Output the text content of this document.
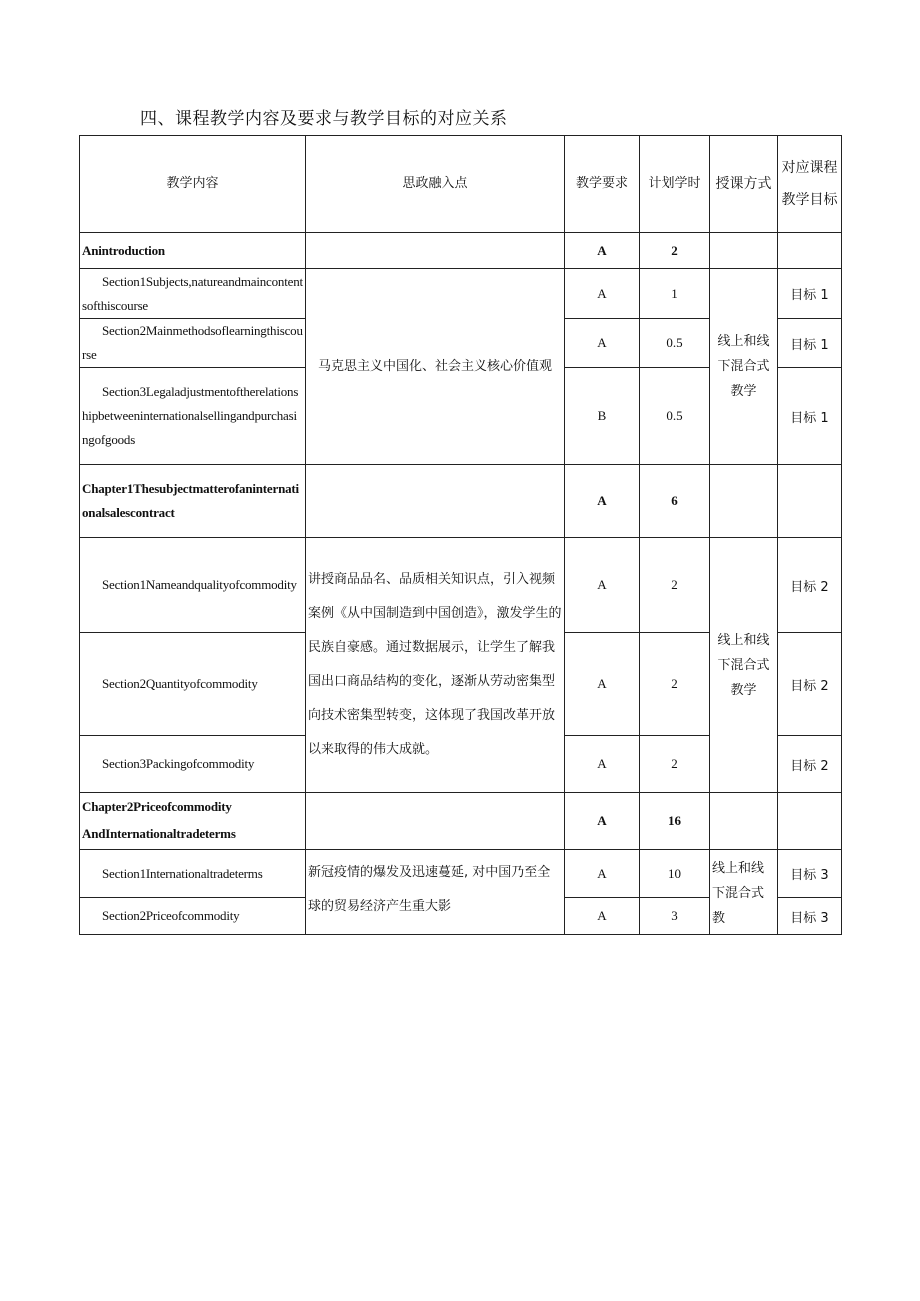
四、课程教学内容及要求与教学目标的对应关系
教学内容	思政融入点	教学要求	计划学时	授课方式	对应课程教学目标
Anintroduction		A	2		
Section1Subjects,natureandmaincontentsofthiscourse	马克思主义中国化、社会主义核心价值观	A	1	线上和线下混合式教学	目标 1
Section2Mainmethodsoflearningthiscourse		A	0.5		目标 1
Section3Legaladjustmentoftherelationshipbetweeninternationalsellingandpurchasingofgoods		B	0.5		目标 1
Chapter1Thesubjectmatterofaninternationalsalescontract		A	6		
Section1Nameandqualityofcommodity	讲授商品品名、品质相关知识点，引入视频案例《从中国制造到中国创造》，激发学生的民族自豪感。通过数据展示，让学生了解我国出口商品结构的变化，逐渐从劳动密集型向技术密集型转变，这体现了我国改革开放以来取得的伟大成就。	A	2	线上和线下混合式教学	目标 2
Section2Quantityofcommodity		A	2		目标 2
Section3Packingofcommodity		A	2		目标 2

Chapter2Priceofcommodity
AndInternationaltradeterms		A	16		
Section1Internationaltradeterms	新冠疫情的爆发及迅速蔓延, 对中国乃至全球的贸易经济产生重大影	A	10	线上和线下混合式教	目标 3
Section2Priceofcommodity		A	3		目标 3
